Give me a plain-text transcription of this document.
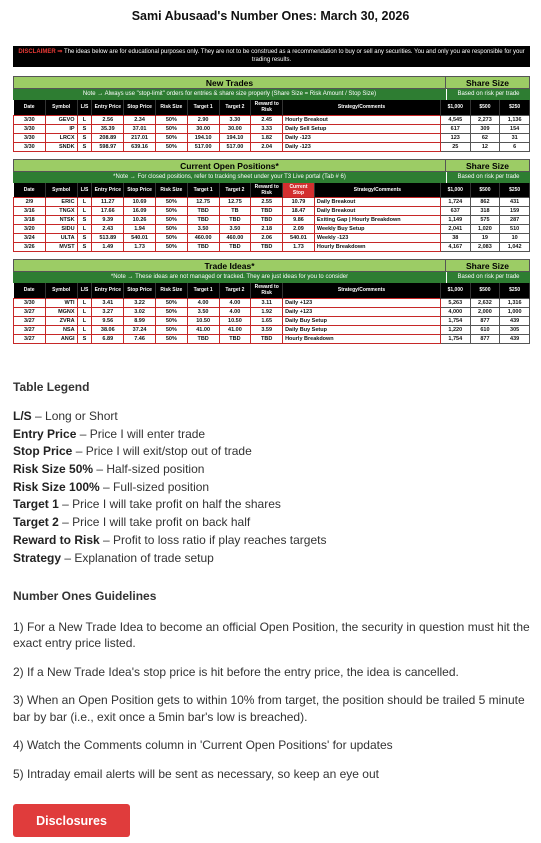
Sami Abusaad's Number Ones: March 30, 2026
DISCLAIMER ⇒ The ideas below are for educational purposes only. They are not to be construed as a recommendation to buy or sell any securities. You and only you are responsible for your trading results.
New Trades	Share Size
Note → Always use "stop-limit" orders for entries & share size properly (Share Size = Risk Amount / Stop Size)	Based on risk per trade
Date	Symbol	L/S	Entry Price	Stop Price	Risk Size	Target 1	Target 2	Reward to Risk	Strategy/Comments	$1,000	$500	$250
3/30	GEVO	L	2.56	2.34	50%	2.90	3.30	2.45	Hourly Breakout	4,545	2,273	1,136
3/30	IP	S	35.39	37.01	50%	30.00	30.00	3.33	Daily Sell Setup	617	309	154
3/30	LRCX	S	208.89	217.01	50%	194.10	194.10	1.82	Daily -123	123	62	31
3/30	SNDK	S	598.97	639.16	50%	517.00	517.00	2.04	Daily -123	25	12	6
Current Open Positions*	Share Size
*Note → For closed positions, refer to tracking sheet under your T3 Live portal (Tab # 6)	Based on risk per trade
Date	Symbol	L/S	Entry Price	Stop Price	Risk Size	Target 1	Target 2	Reward to Risk	Current Stop	Strategy/Comments	$1,000	$500	$250
2/9	ERIC	L	11.27	10.69	50%	12.75	12.75	2.55	10.79	Daily Breakout	1,724	862	431
3/16	TNGX	L	17.66	16.09	50%	TBD	TB	TBD	18.47	Daily Breakout	637	318	159
3/18	NTSK	S	9.39	10.26	50%	TBD	TBD	TBD	9.86	Exiting Gap | Hourly Breakdown	1,149	575	287
3/20	SIDU	L	2.43	1.94	50%	3.50	3.50	2.18	2.09	Weekly Buy Setup	2,041	1,020	510
3/24	ULTA	S	513.89	540.01	50%	460.00	460.00	2.06	540.01	Weekly -123	38	19	10
3/26	MVST	S	1.49	1.73	50%	TBD	TBD	TBD	1.73	Hourly Breakdown	4,167	2,083	1,042
Trade Ideas*	Share Size
*Note → These ideas are not managed or tracked. They are just ideas for you to consider	Based on risk per trade
Date	Symbol	L/S	Entry Price	Stop Price	Risk Size	Target 1	Target 2	Reward to Risk	Strategy/Comments	$1,000	$500	$250
3/30	WTI	L	3.41	3.22	50%	4.00	4.00	3.11	Daily +123	5,263	2,632	1,316
3/27	MGNX	L	3.27	3.02	50%	3.50	4.00	1.92	Daily +123	4,000	2,000	1,000
3/27	ZVRA	L	9.56	8.99	50%	10.50	10.50	1.65	Daily Buy Setup	1,754	877	439
3/27	NSA	L	38.06	37.24	50%	41.00	41.00	3.59	Daily Buy Setup	1,220	610	305
3/27	ANGI	S	6.89	7.46	50%	TBD	TBD	TBD	Hourly Breakdown	1,754	877	439
Table Legend
L/S – Long or Short
Entry Price – Price I will enter trade
Stop Price – Price I will exit/stop out of trade
Risk Size 50% – Half-sized position
Risk Size 100% – Full-sized position
Target 1 – Price I will take profit on half the shares
Target 2 – Price I will take profit on back half
Reward to Risk – Profit to loss ratio if play reaches targets
Strategy – Explanation of trade setup
Number Ones Guidelines

1) For a New Trade Idea to become an official Open Position, the security in question must hit the exact entry price listed.

2) If a New Trade Idea's stop price is hit before the entry price, the idea is cancelled.

3) When an Open Position gets to within 10% from target, the position should be trailed 5 minute bar by bar (i.e., exit once a 5min bar's low is breached).

4) Watch the Comments column in 'Current Open Positions' for updates

5) Intraday email alerts will be sent as necessary, so keep an eye out

Disclosures
